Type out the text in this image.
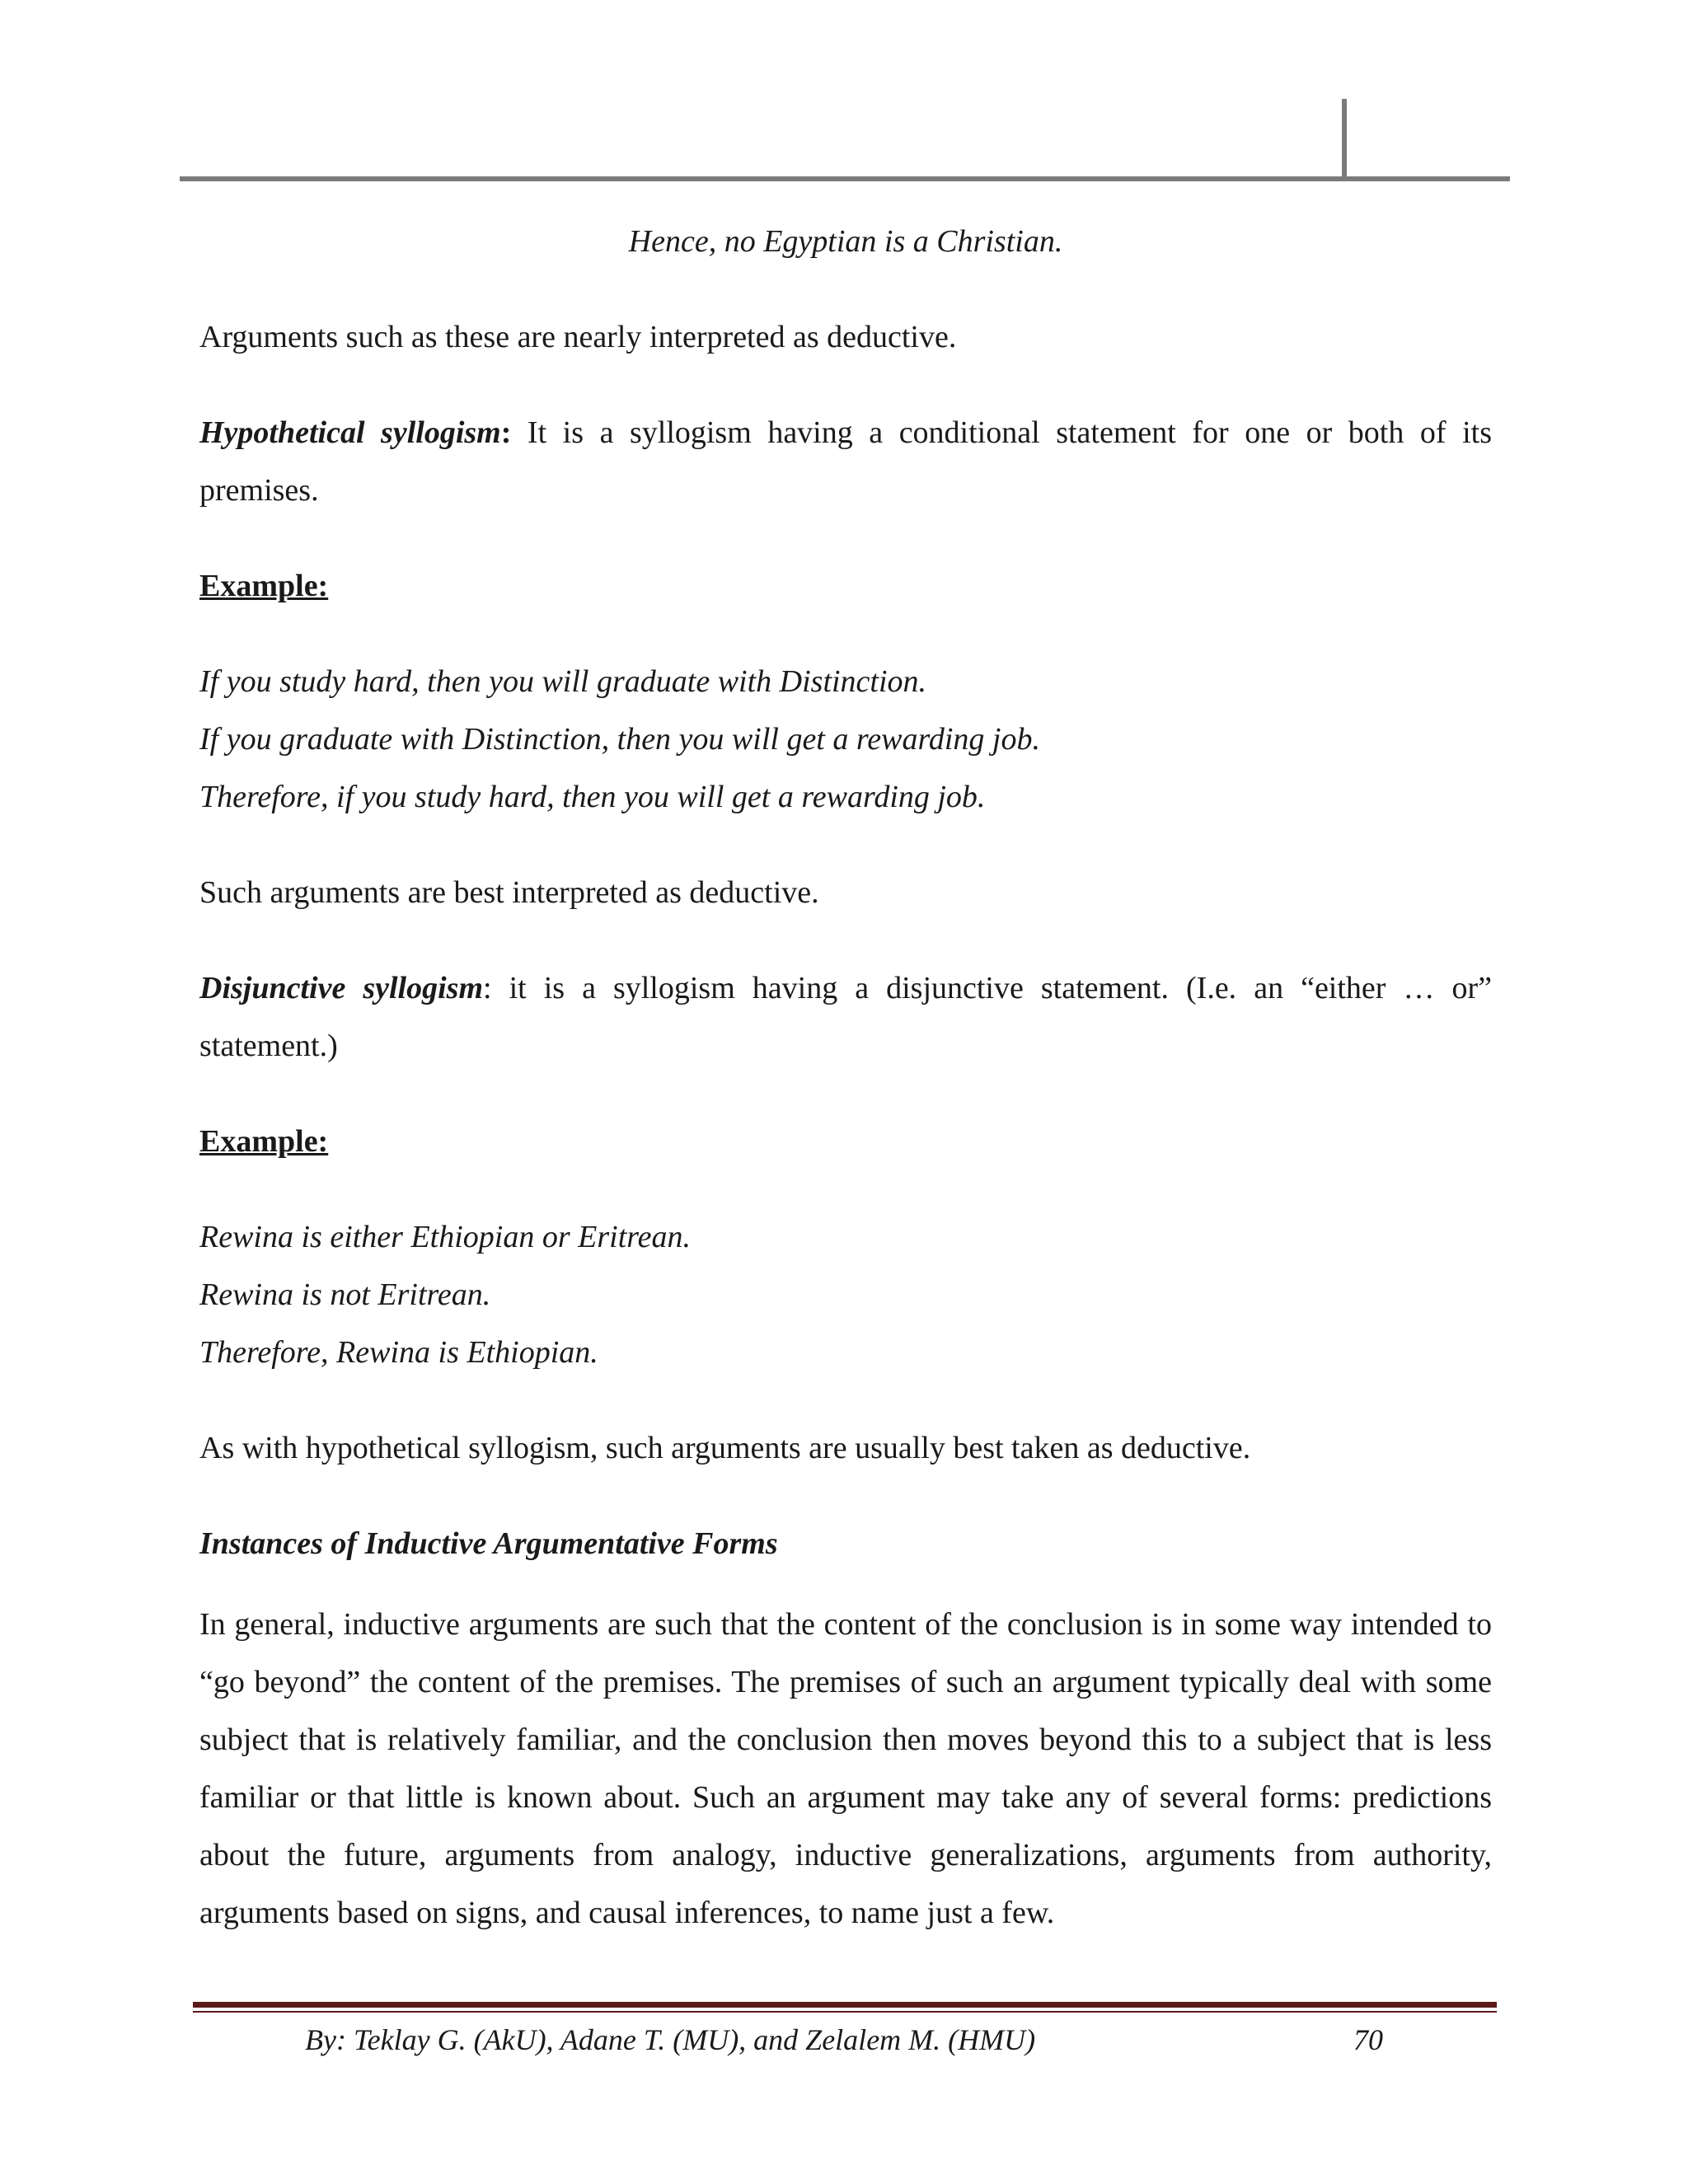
Hence, no Egyptian is a Christian.

Arguments such as these are nearly interpreted as deductive.

Hypothetical syllogism: It is a syllogism having a conditional statement for one or both of its premises.

Example:

If you study hard, then you will graduate with Distinction.

If you graduate with Distinction, then you will get a rewarding job.

Therefore, if you study hard, then you will get a rewarding job.

Such arguments are best interpreted as deductive.

Disjunctive syllogism: it is a syllogism having a disjunctive statement. (I.e. an “either … or” statement.)

Example:

Rewina is either Ethiopian or Eritrean.

Rewina is not Eritrean.

Therefore, Rewina is Ethiopian.

As with hypothetical syllogism, such arguments are usually best taken as deductive.

Instances of Inductive Argumentative Forms

In general, inductive arguments are such that the content of the conclusion is in some way intended to “go beyond” the content of the premises. The premises of such an argument typically deal with some subject that is relatively familiar, and the conclusion then moves beyond this to a subject that is less familiar or that little is known about. Such an argument may take any of several forms: predictions about the future, arguments from analogy, inductive generalizations, arguments from authority, arguments based on signs, and causal inferences, to name just a few.

By: Teklay G. (AkU), Adane T. (MU), and Zelalem M. (HMU)	70
